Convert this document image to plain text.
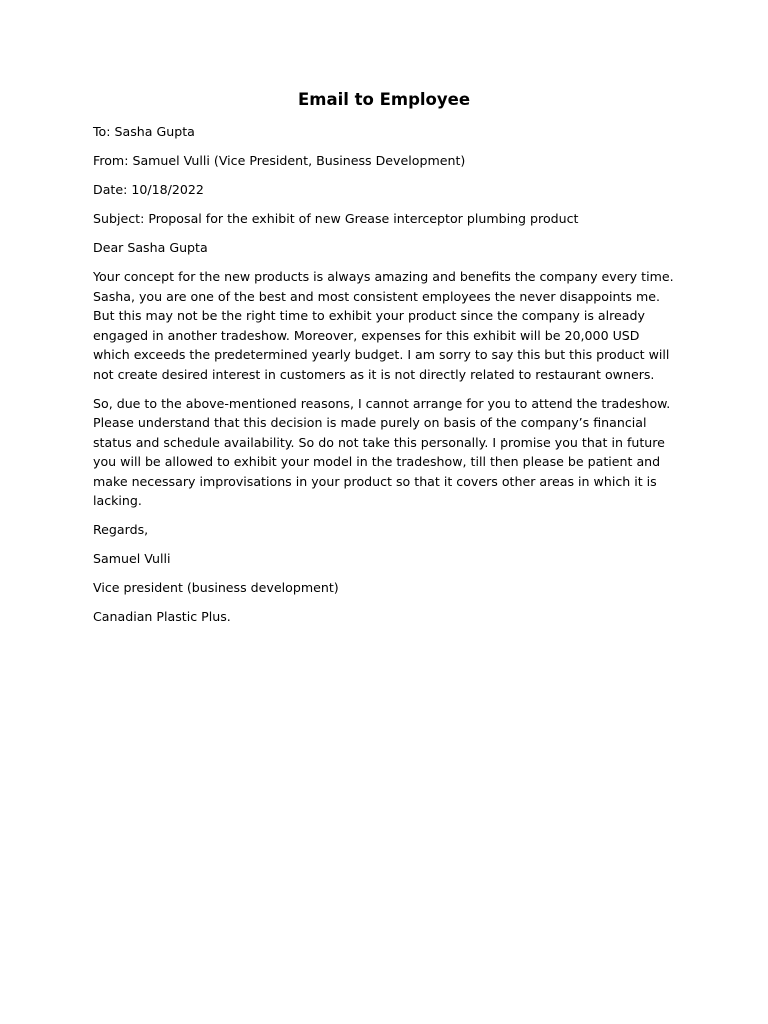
Email to Employee
To: Sasha Gupta
From: Samuel Vulli (Vice President, Business Development)
Date: 10/18/2022
Subject: Proposal for the exhibit of new Grease interceptor plumbing product
Dear Sasha Gupta
Your concept for the new products is always amazing and benefits the company every time.
Sasha, you are one of the best and most consistent employees the never disappoints me.
But this may not be the right time to exhibit your product since the company is already
engaged in another tradeshow. Moreover, expenses for this exhibit will be 20,000 USD
which exceeds the predetermined yearly budget. I am sorry to say this but this product will
not create desired interest in customers as it is not directly related to restaurant owners.
So, due to the above-mentioned reasons, I cannot arrange for you to attend the tradeshow.
Please understand that this decision is made purely on basis of the company’s financial
status and schedule availability. So do not take this personally. I promise you that in future
you will be allowed to exhibit your model in the tradeshow, till then please be patient and
make necessary improvisations in your product so that it covers other areas in which it is
lacking.
Regards,
Samuel Vulli
Vice president (business development)
Canadian Plastic Plus.
